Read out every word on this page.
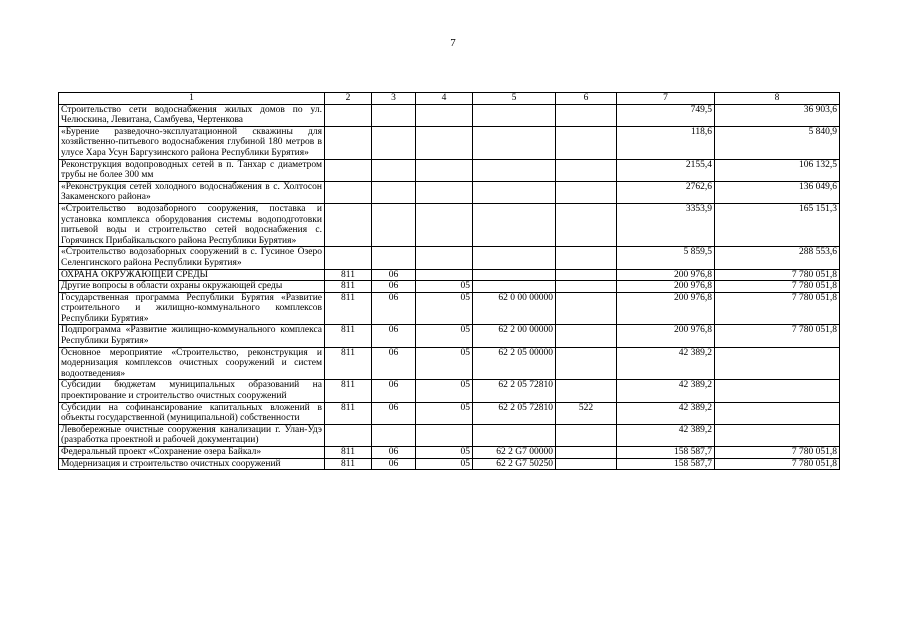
7
1	2	3	4	5	6	7	8
Строительство сети водоснабжения жилых домов по ул. Челюскина, Левитана, Самбуева, Чертенкова						749,5	36 903,6
«Бурение разведочно-эксплуатационной скважины для хозяйственно-питьевого водоснабжения глубиной 180 метров в улусе Хара Усун Баргузинского района Республики Бурятия»						118,6	5 840,9
Реконструкция водопроводных сетей в п. Танхар с диаметром трубы не более 300 мм						2155,4	106 132,5
«Реконструкция сетей холодного водоснабжения в с. Холтосон Закаменского района»						2762,6	136 049,6
«Строительство водозаборного сооружения, поставка и установка комплекса оборудования системы водоподготовки питьевой воды и строительство сетей водоснабжения с. Горячинск Прибайкальского района Республики Бурятия»						3353,9	165 151,3
«Строительство водозаборных сооружений в с. Гусиное Озеро Селенгинского района Республики Бурятия»						5 859,5	288 553,6
ОХРАНА ОКРУЖАЮЩЕЙ СРЕДЫ	811	06				200 976,8	7 780 051,8
Другие вопросы в области охраны окружающей среды	811	06	05			200 976,8	7 780 051,8
Государственная программа Республики Бурятия «Развитие строительного и жилищно-коммунального комплексов Республики Бурятия»	811	06	05	62 0 00 00000		200 976,8	7 780 051,8
Подпрограмма «Развитие жилищно-коммунального комплекса Республики Бурятия»	811	06	05	62 2 00 00000		200 976,8	7 780 051,8
Основное мероприятие «Строительство, реконструкция и модернизация комплексов очистных сооружений и систем водоотведения»	811	06	05	62 2 05 00000		42 389,2	
Субсидии бюджетам муниципальных образований на проектирование и строительство очистных сооружений	811	06	05	62 2 05 72810		42 389,2	
Субсидии на софинансирование капитальных вложений в объекты государственной (муниципальной) собственности	811	06	05	62 2 05 72810	522	42 389,2	
Левобережные очистные сооружения канализации г. Улан-Удэ (разработка проектной и рабочей документации)						42 389,2	
Федеральный проект «Сохранение озера Байкал»	811	06	05	62 2 G7 00000		158 587,7	7 780 051,8
Модернизация и строительство очистных сооружений	811	06	05	62 2 G7 50250		158 587,7	7 780 051,8
